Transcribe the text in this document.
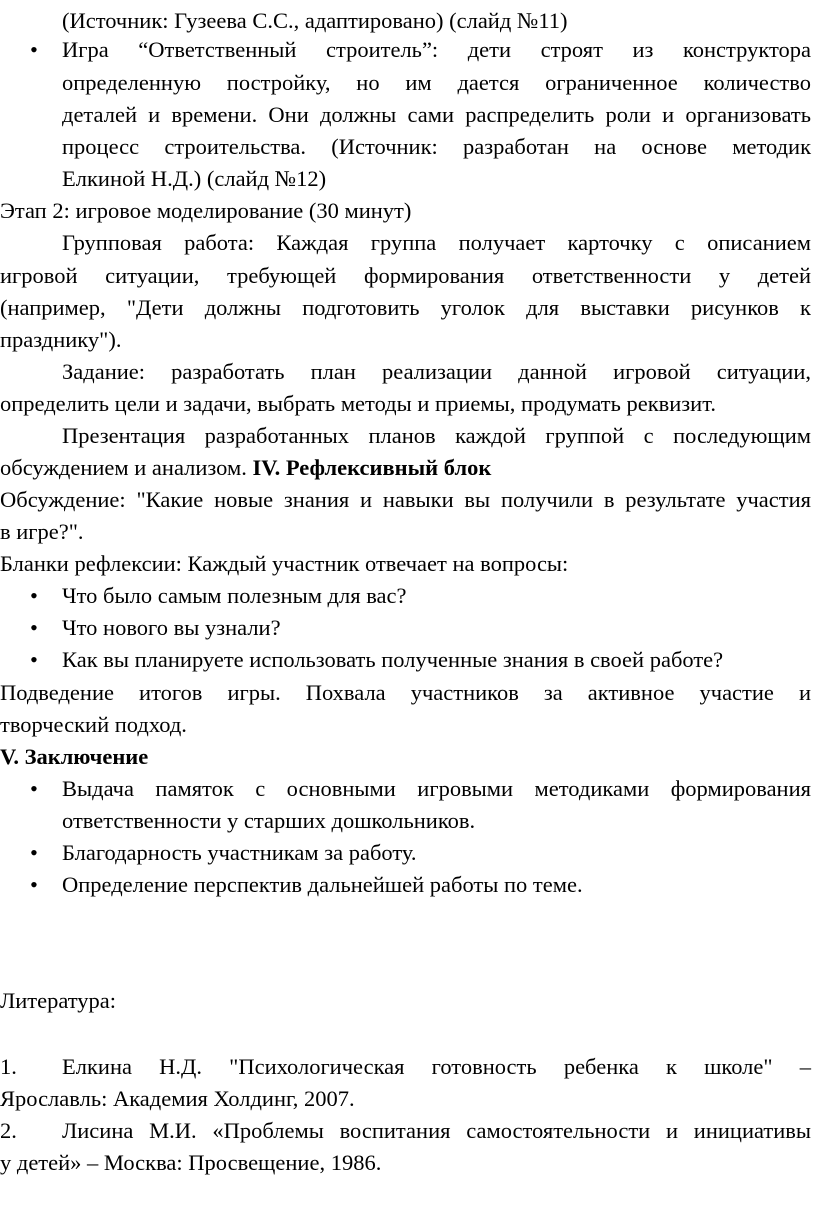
(Источник: Гузеева С.С., адаптировано) (слайд №11)
• Игра “Ответственный строитель”: дети строят из конструктора
определенную постройку, но им дается ограниченное количество
деталей и времени. Они должны сами распределить роли и организовать
процесс строительства. (Источник: разработан на основе методик
Елкиной Н.Д.) (слайд №12)
Этап 2: игровое моделирование (30 минут)
Групповая работа: Каждая группа получает карточку с описанием
игровой ситуации, требующей формирования ответственности у детей
(например, "Дети должны подготовить уголок для выставки рисунков к
празднику").
Задание: разработать план реализации данной игровой ситуации,
определить цели и задачи, выбрать методы и приемы, продумать реквизит.
Презентация разработанных планов каждой группой с последующим
обсуждением и анализом. IV. Рефлексивный блок
Обсуждение: "Какие новые знания и навыки вы получили в результате участия
в игре?".
Бланки рефлексии: Каждый участник отвечает на вопросы:
• Что было самым полезным для вас?
• Что нового вы узнали?
• Как вы планируете использовать полученные знания в своей работе?
Подведение итогов игры. Похвала участников за активное участие и
творческий подход.
V. Заключение
• Выдача памяток с основными игровыми методиками формирования
ответственности у старших дошкольников.
• Благодарность участникам за работу.
• Определение перспектив дальнейшей работы по теме.
Литература:
1.	Елкина Н.Д. "Психологическая готовность ребенка к школе" –
Ярославль: Академия Холдинг, 2007.
2.	Лисина М.И. «Проблемы воспитания самостоятельности и инициативы
у детей» – Москва: Просвещение, 1986.
